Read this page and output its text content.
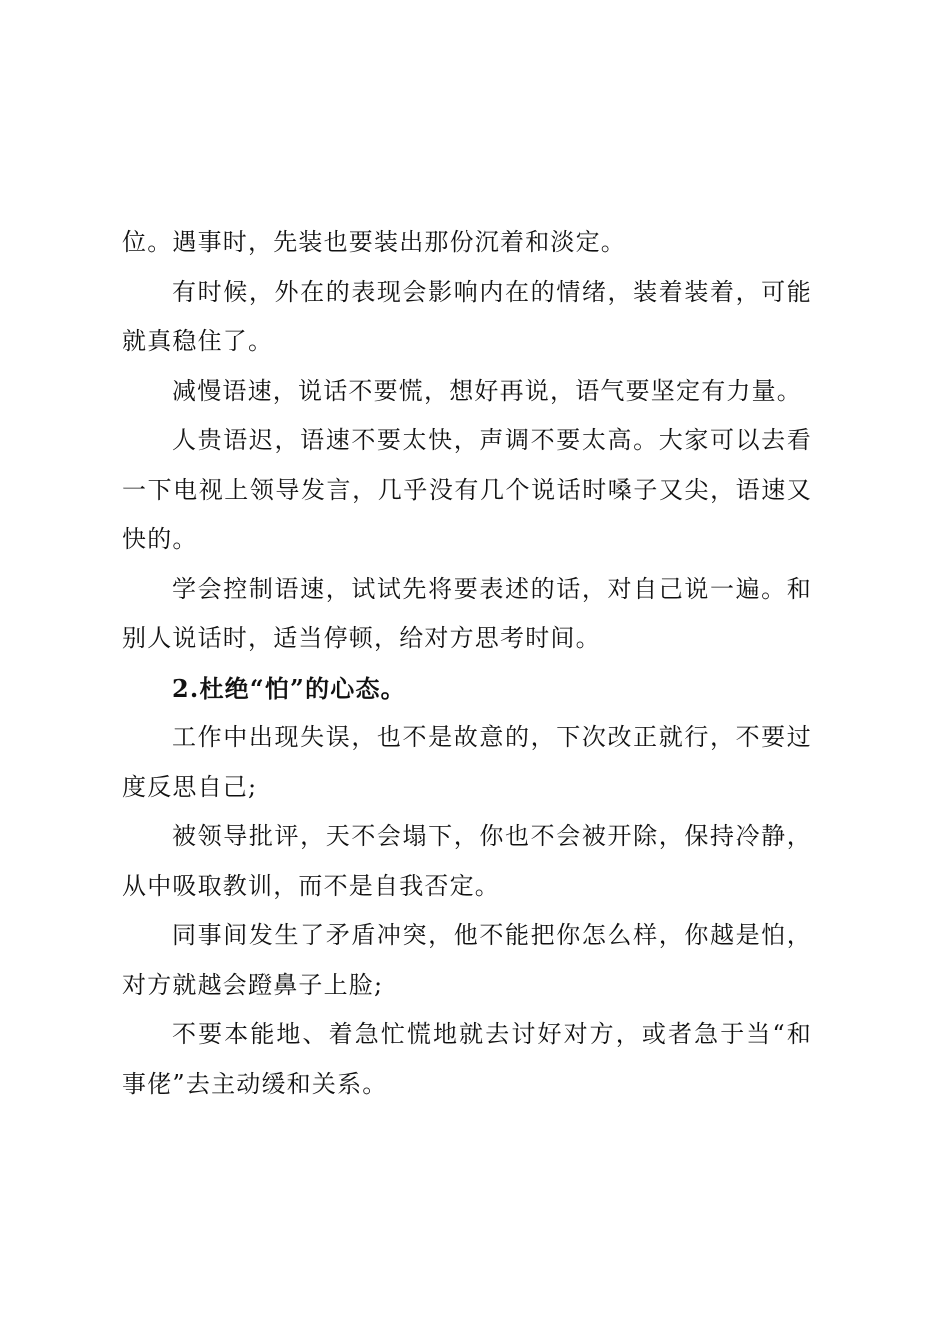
位。遇事时，先装也要装出那份沉着和淡定。

有时候，外在的表现会影响内在的情绪，装着装着，可能就真稳住了。

减慢语速，说话不要慌，想好再说，语气要坚定有力量。

人贵语迟，语速不要太快，声调不要太高。大家可以去看一下电视上领导发言，几乎没有几个说话时嗓子又尖，语速又快的。

学会控制语速，试试先将要表述的话，对自己说一遍。和别人说话时，适当停顿，给对方思考时间。

2.杜绝“怕”的心态。

工作中出现失误，也不是故意的，下次改正就行，不要过度反思自己;

被领导批评，天不会塌下，你也不会被开除，保持冷静，从中吸取教训，而不是自我否定。

同事间发生了矛盾冲突，他不能把你怎么样，你越是怕，对方就越会蹬鼻子上脸;

不要本能地、着急忙慌地就去讨好对方，或者急于当“和事佬”去主动缓和关系。
